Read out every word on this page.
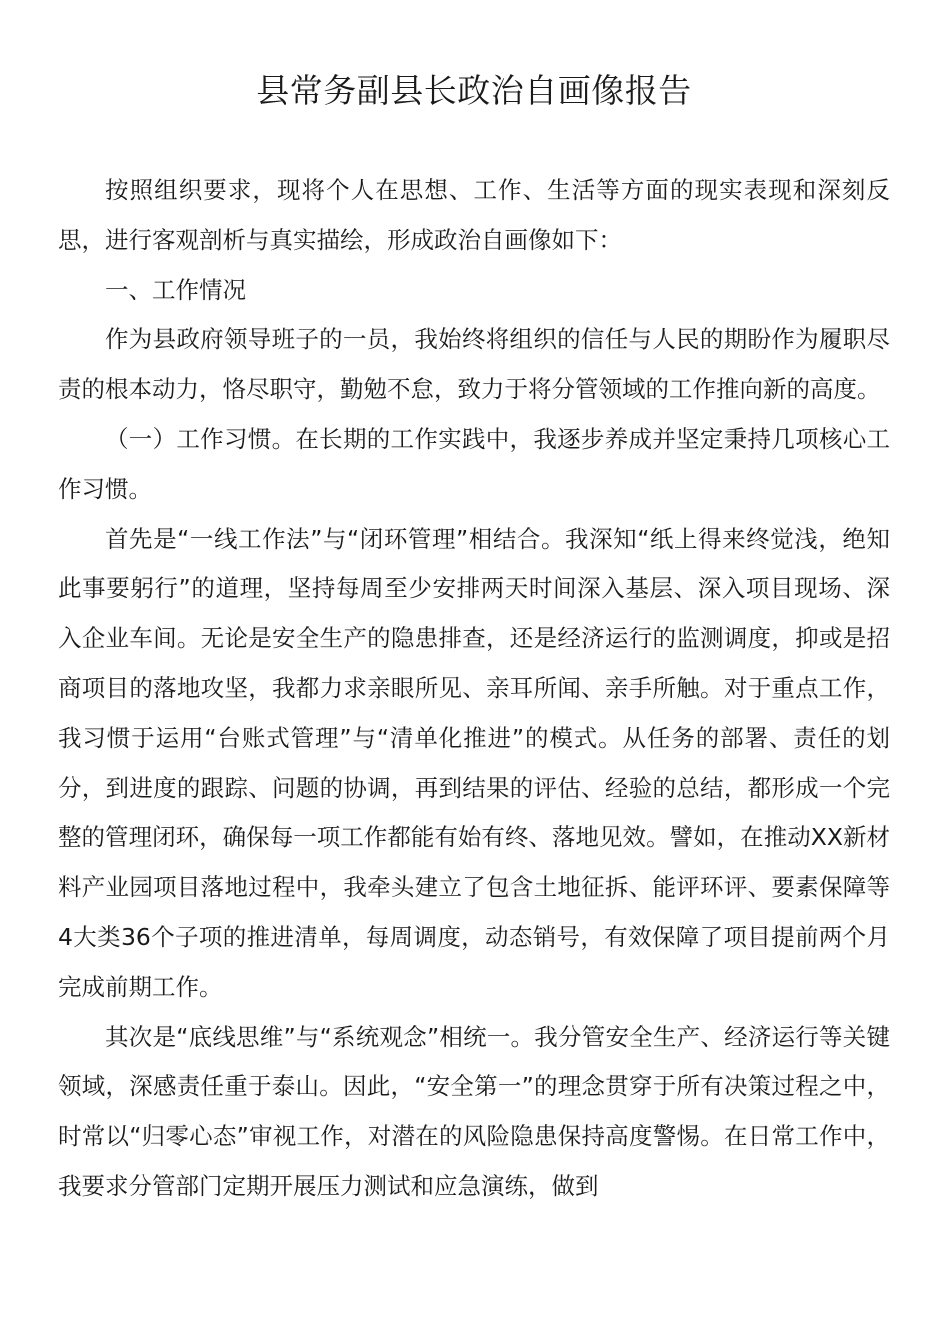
县常务副县长政治自画像报告

按照组织要求，现将个人在思想、工作、生活等方面的现实表现和深刻反思，进行客观剖析与真实描绘，形成政治自画像如下：

一、工作情况

作为县政府领导班子的一员，我始终将组织的信任与人民的期盼作为履职尽责的根本动力，恪尽职守，勤勉不怠，致力于将分管领域的工作推向新的高度。

（一）工作习惯。在长期的工作实践中，我逐步养成并坚定秉持几项核心工作习惯。

首先是“一线工作法”与“闭环管理”相结合。我深知“纸上得来终觉浅，绝知此事要躬行”的道理，坚持每周至少安排两天时间深入基层、深入项目现场、深入企业车间。无论是安全生产的隐患排查，还是经济运行的监测调度，抑或是招商项目的落地攻坚，我都力求亲眼所见、亲耳所闻、亲手所触。对于重点工作，我习惯于运用“台账式管理”与“清单化推进”的模式。从任务的部署、责任的划分，到进度的跟踪、问题的协调，再到结果的评估、经验的总结，都形成一个完整的管理闭环，确保每一项工作都能有始有终、落地见效。譬如，在推动XX新材料产业园项目落地过程中，我牵头建立了包含土地征拆、能评环评、要素保障等4大类36个子项的推进清单，每周调度，动态销号，有效保障了项目提前两个月完成前期工作。

其次是“底线思维”与“系统观念”相统一。我分管安全生产、经济运行等关键领域，深感责任重于泰山。因此，“安全第一”的理念贯穿于所有决策过程之中，时常以“归零心态”审视工作，对潜在的风险隐患保持高度警惕。在日常工作中，我要求分管部门定期开展压力测试和应急演练，做到
